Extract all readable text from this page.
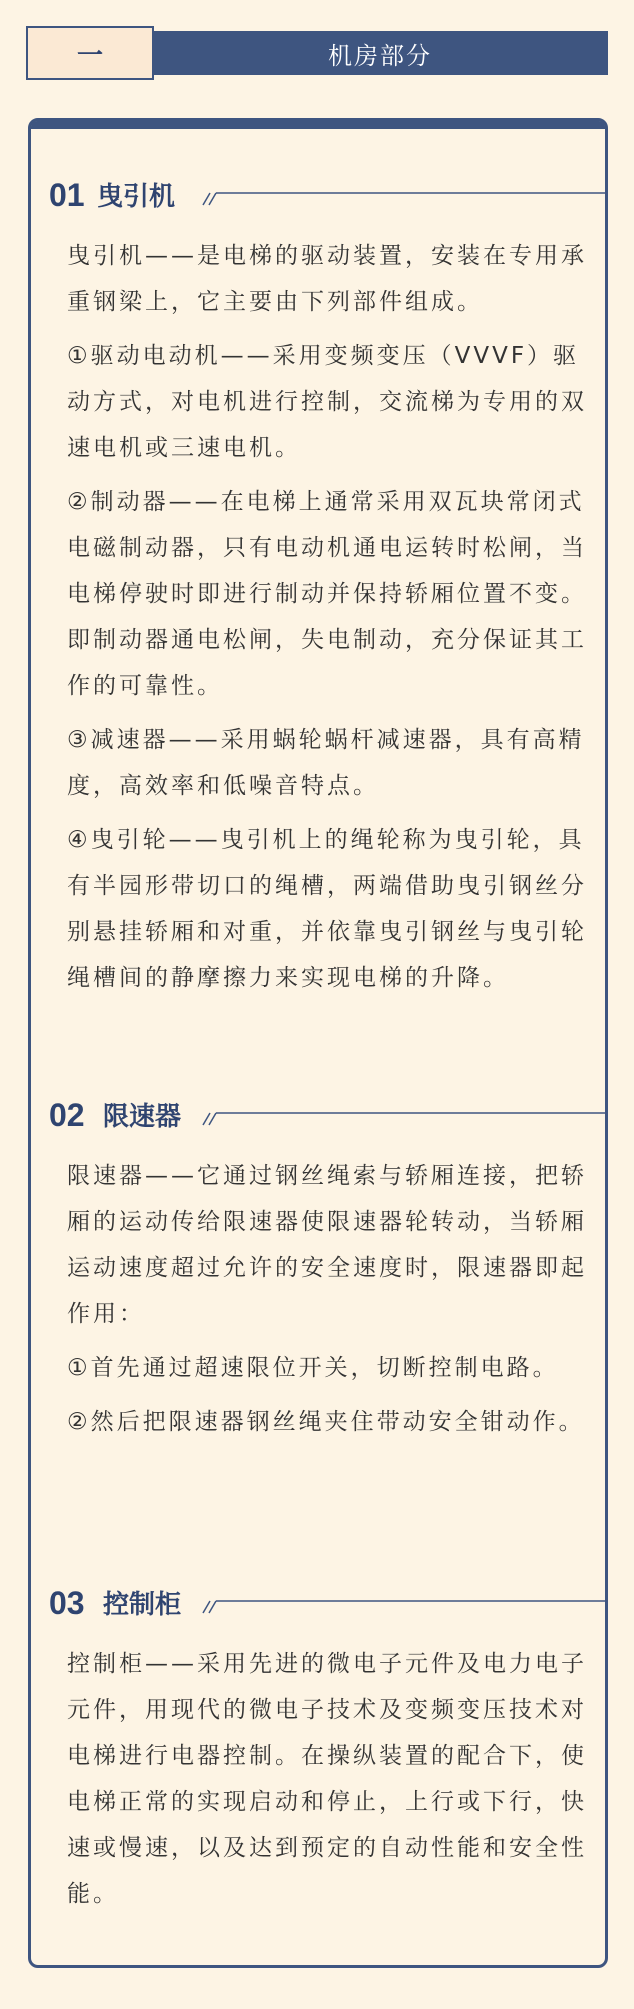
一	机房部分
01 曳引机

曳引机——是电梯的驱动装置，安装在专用承重钢梁上，它主要由下列部件组成。

①驱动电动机——采用变频变压（VVVF）驱动方式，对电机进行控制，交流梯为专用的双速电机或三速电机。

②制动器——在电梯上通常采用双瓦块常闭式电磁制动器，只有电动机通电运转时松闸，当电梯停驶时即进行制动并保持轿厢位置不变。即制动器通电松闸，失电制动，充分保证其工作的可靠性。

③减速器——采用蜗轮蜗杆减速器，具有高精度，高效率和低噪音特点。

④曳引轮——曳引机上的绳轮称为曳引轮，具有半园形带切口的绳槽，两端借助曳引钢丝分别悬挂轿厢和对重，并依靠曳引钢丝与曳引轮绳槽间的静摩擦力来实现电梯的升降。

02 限速器

限速器——它通过钢丝绳索与轿厢连接，把轿厢的运动传给限速器使限速器轮转动，当轿厢运动速度超过允许的安全速度时，限速器即起作用：

①首先通过超速限位开关，切断控制电路。

②然后把限速器钢丝绳夹住带动安全钳动作。

03 控制柜

控制柜——采用先进的微电子元件及电力电子元件，用现代的微电子技术及变频变压技术对电梯进行电器控制。在操纵装置的配合下，使电梯正常的实现启动和停止，上行或下行，快速或慢速，以及达到预定的自动性能和安全性能。
